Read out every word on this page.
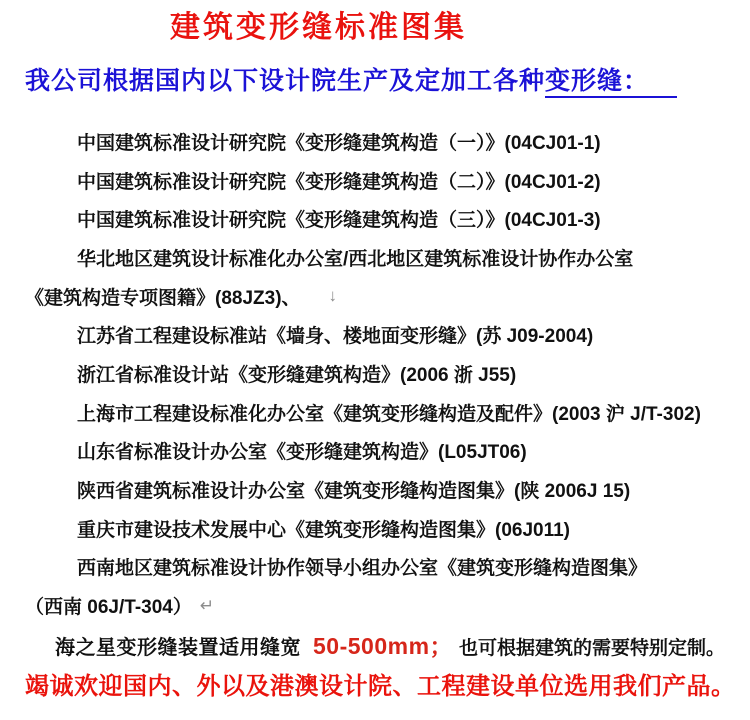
建筑变形缝标准图集
我公司根据国内以下设计院生产及定加工各种变形缝：
中国建筑标准设计研究院《变形缝建筑构造（一）》(04CJ01-1)
中国建筑标准设计研究院《变形缝建筑构造（二）》(04CJ01-2)
中国建筑标准设计研究院《变形缝建筑构造（三）》(04CJ01-3)
华北地区建筑设计标准化办公室/西北地区建筑标准设计协作办公室
《建筑构造专项图籍》(88JZ3)、 ↓
江苏省工程建设标准站《墙身、楼地面变形缝》(苏 J09-2004)
浙江省标准设计站《变形缝建筑构造》(2006 浙 J55)
上海市工程建设标准化办公室《建筑变形缝构造及配件》(2003 沪 J/T-302)
山东省标准设计办公室《变形缝建筑构造》(L05JT06)
陕西省建筑标准设计办公室《建筑变形缝构造图集》(陕 2006J 15)
重庆市建设技术发展中心《建筑变形缝构造图集》(06J011)
西南地区建筑标准设计协作领导小组办公室《建筑变形缝构造图集》
（西南 06J/T-304） ↵
海之星变形缝装置适用缝宽 50-500mm； 也可根据建筑的需要特别定制。
竭诚欢迎国内、外以及港澳设计院、工程建设单位选用我们产品。
